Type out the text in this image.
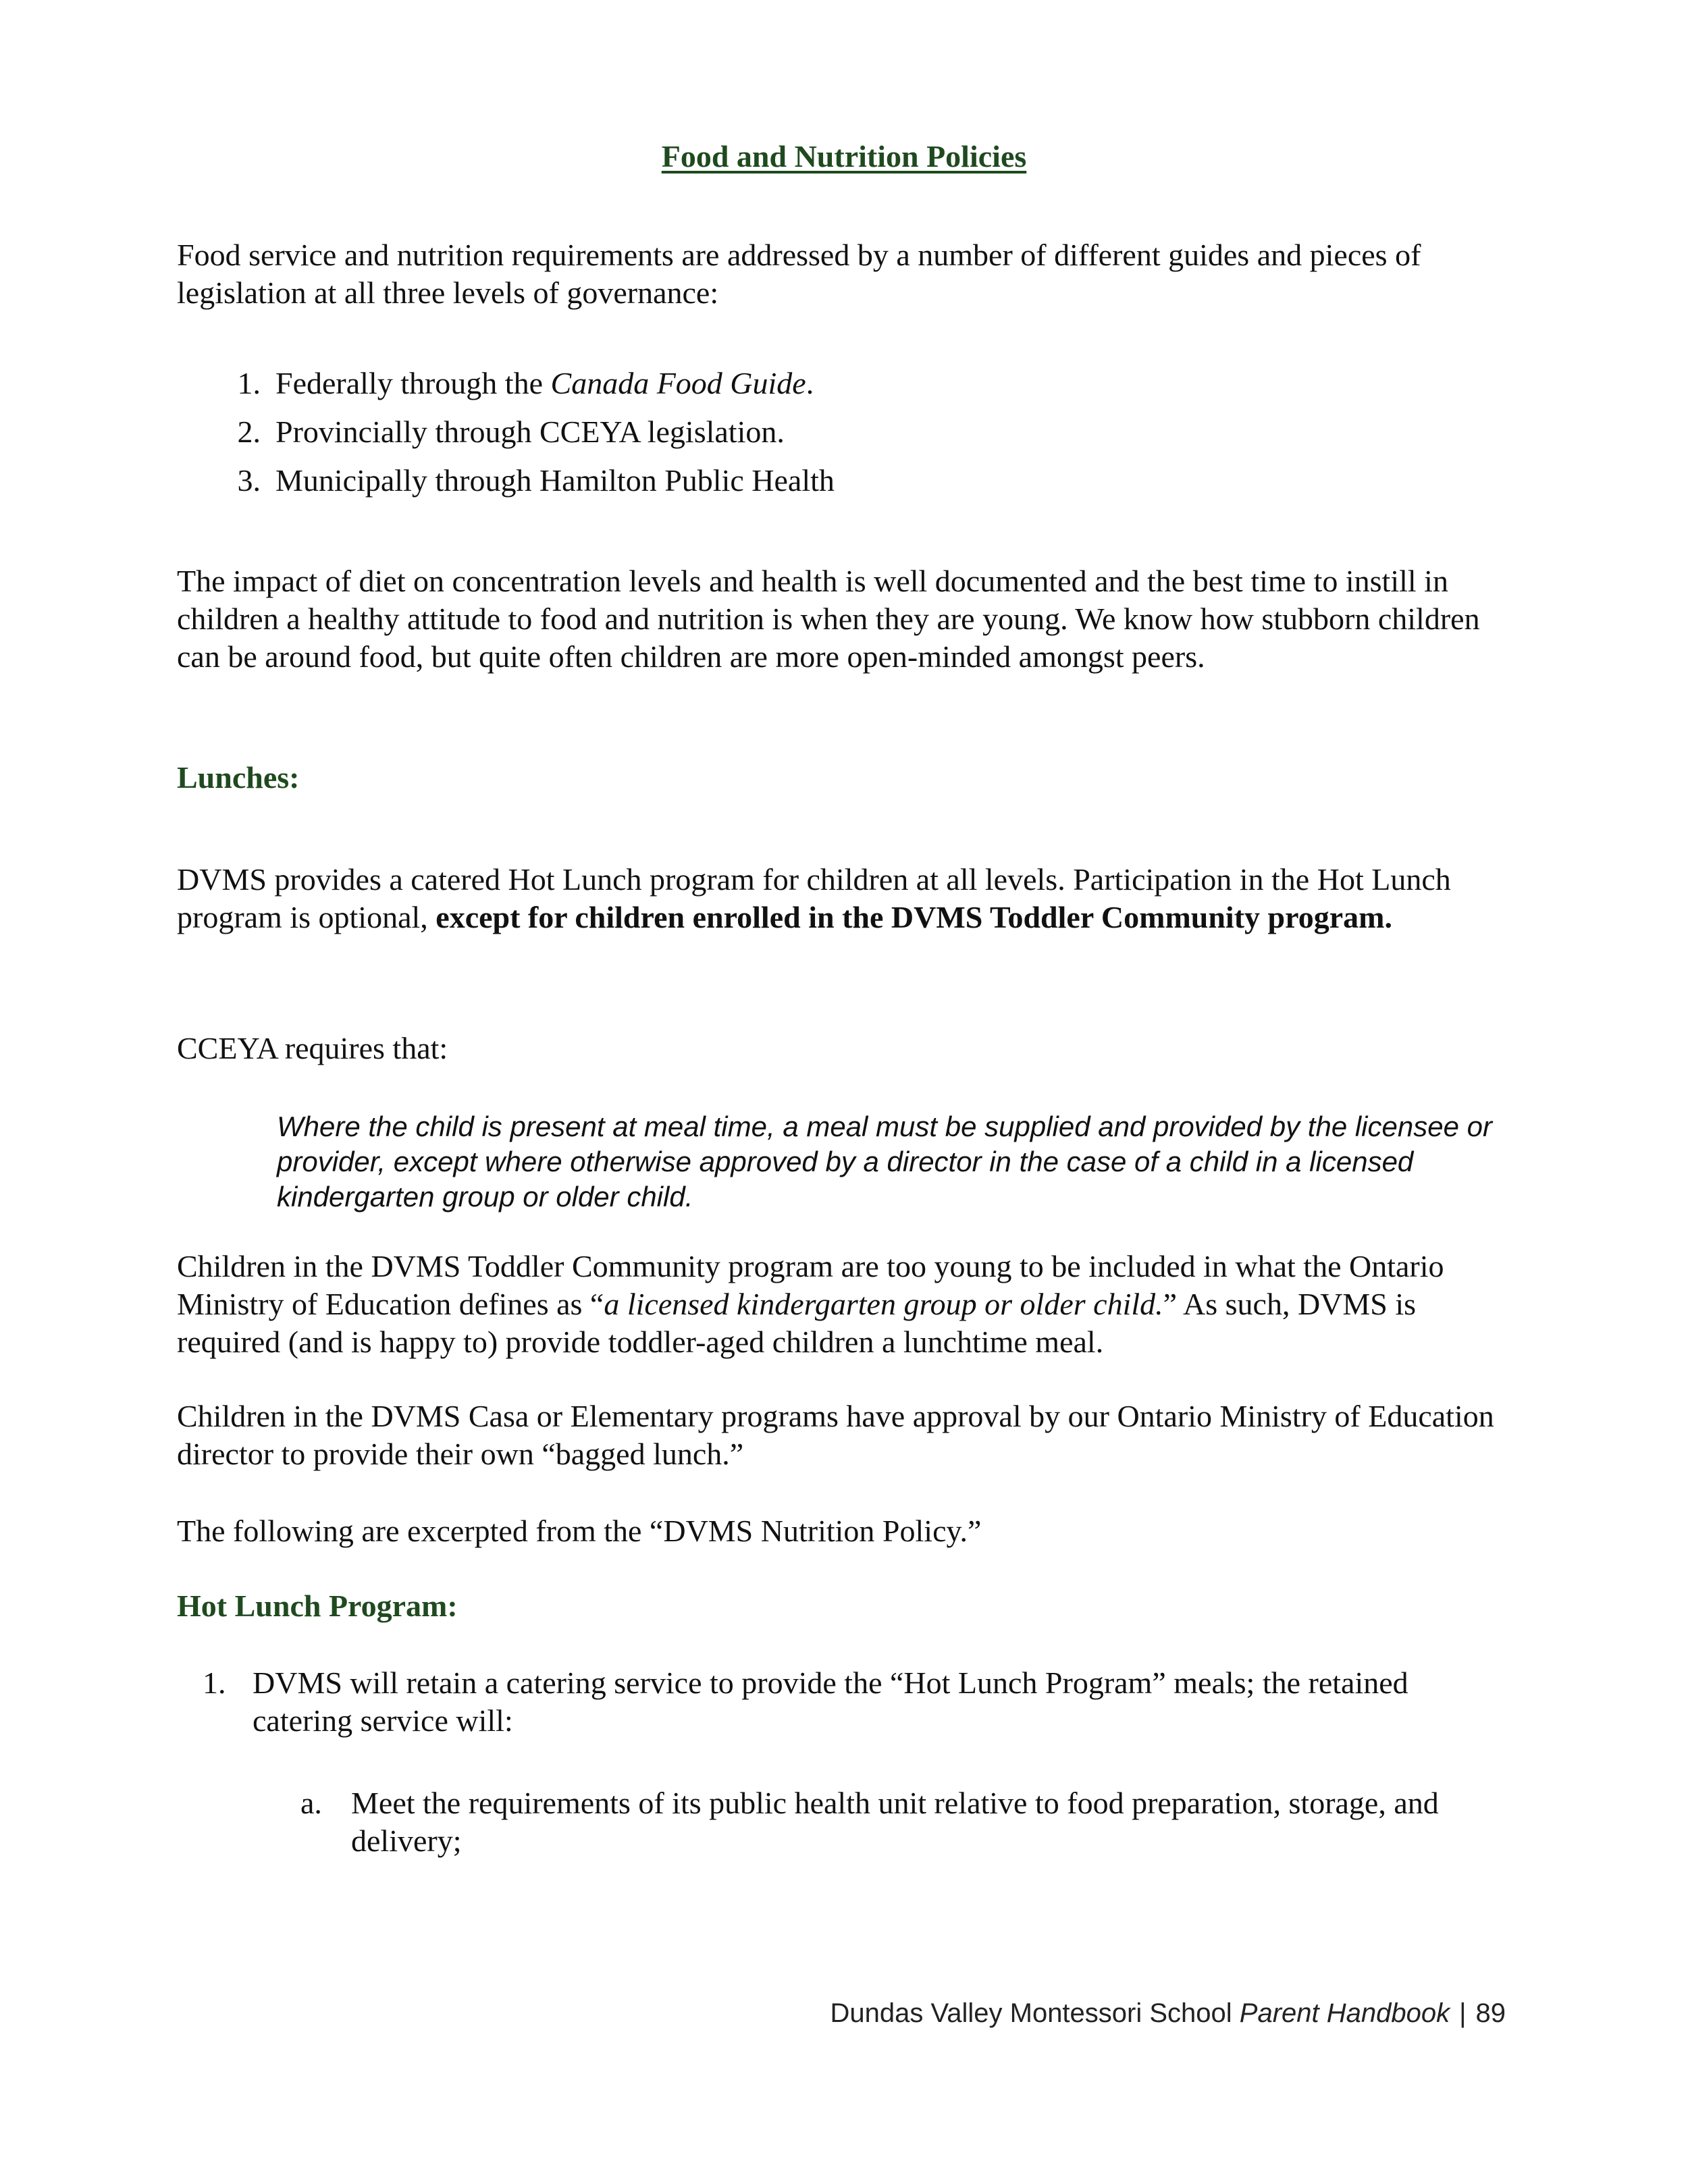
Food and Nutrition Policies

Food service and nutrition requirements are addressed by a number of different guides and pieces of legislation at all three levels of governance:

1. Federally through the Canada Food Guide.
2. Provincially through CCEYA legislation.
3. Municipally through Hamilton Public Health

The impact of diet on concentration levels and health is well documented and the best time to instill in children a healthy attitude to food and nutrition is when they are young. We know how stubborn children can be around food, but quite often children are more open-minded amongst peers.

Lunches:

DVMS provides a catered Hot Lunch program for children at all levels. Participation in the Hot Lunch program is optional, except for children enrolled in the DVMS Toddler Community program.

CCEYA requires that:

Where the child is present at meal time, a meal must be supplied and provided by the licensee or provider, except where otherwise approved by a director in the case of a child in a licensed kindergarten group or older child.

Children in the DVMS Toddler Community program are too young to be included in what the Ontario Ministry of Education defines as “a licensed kindergarten group or older child.” As such, DVMS is required (and is happy to) provide toddler-aged children a lunchtime meal.

Children in the DVMS Casa or Elementary programs have approval by our Ontario Ministry of Education director to provide their own “bagged lunch.”

The following are excerpted from the “DVMS Nutrition Policy.”

Hot Lunch Program:
1. DVMS will retain a catering service to provide the “Hot Lunch Program” meals; the retained catering service will:

a. Meet the requirements of its public health unit relative to food preparation, storage, and delivery;

Dundas Valley Montessori School Parent Handbook | 89
